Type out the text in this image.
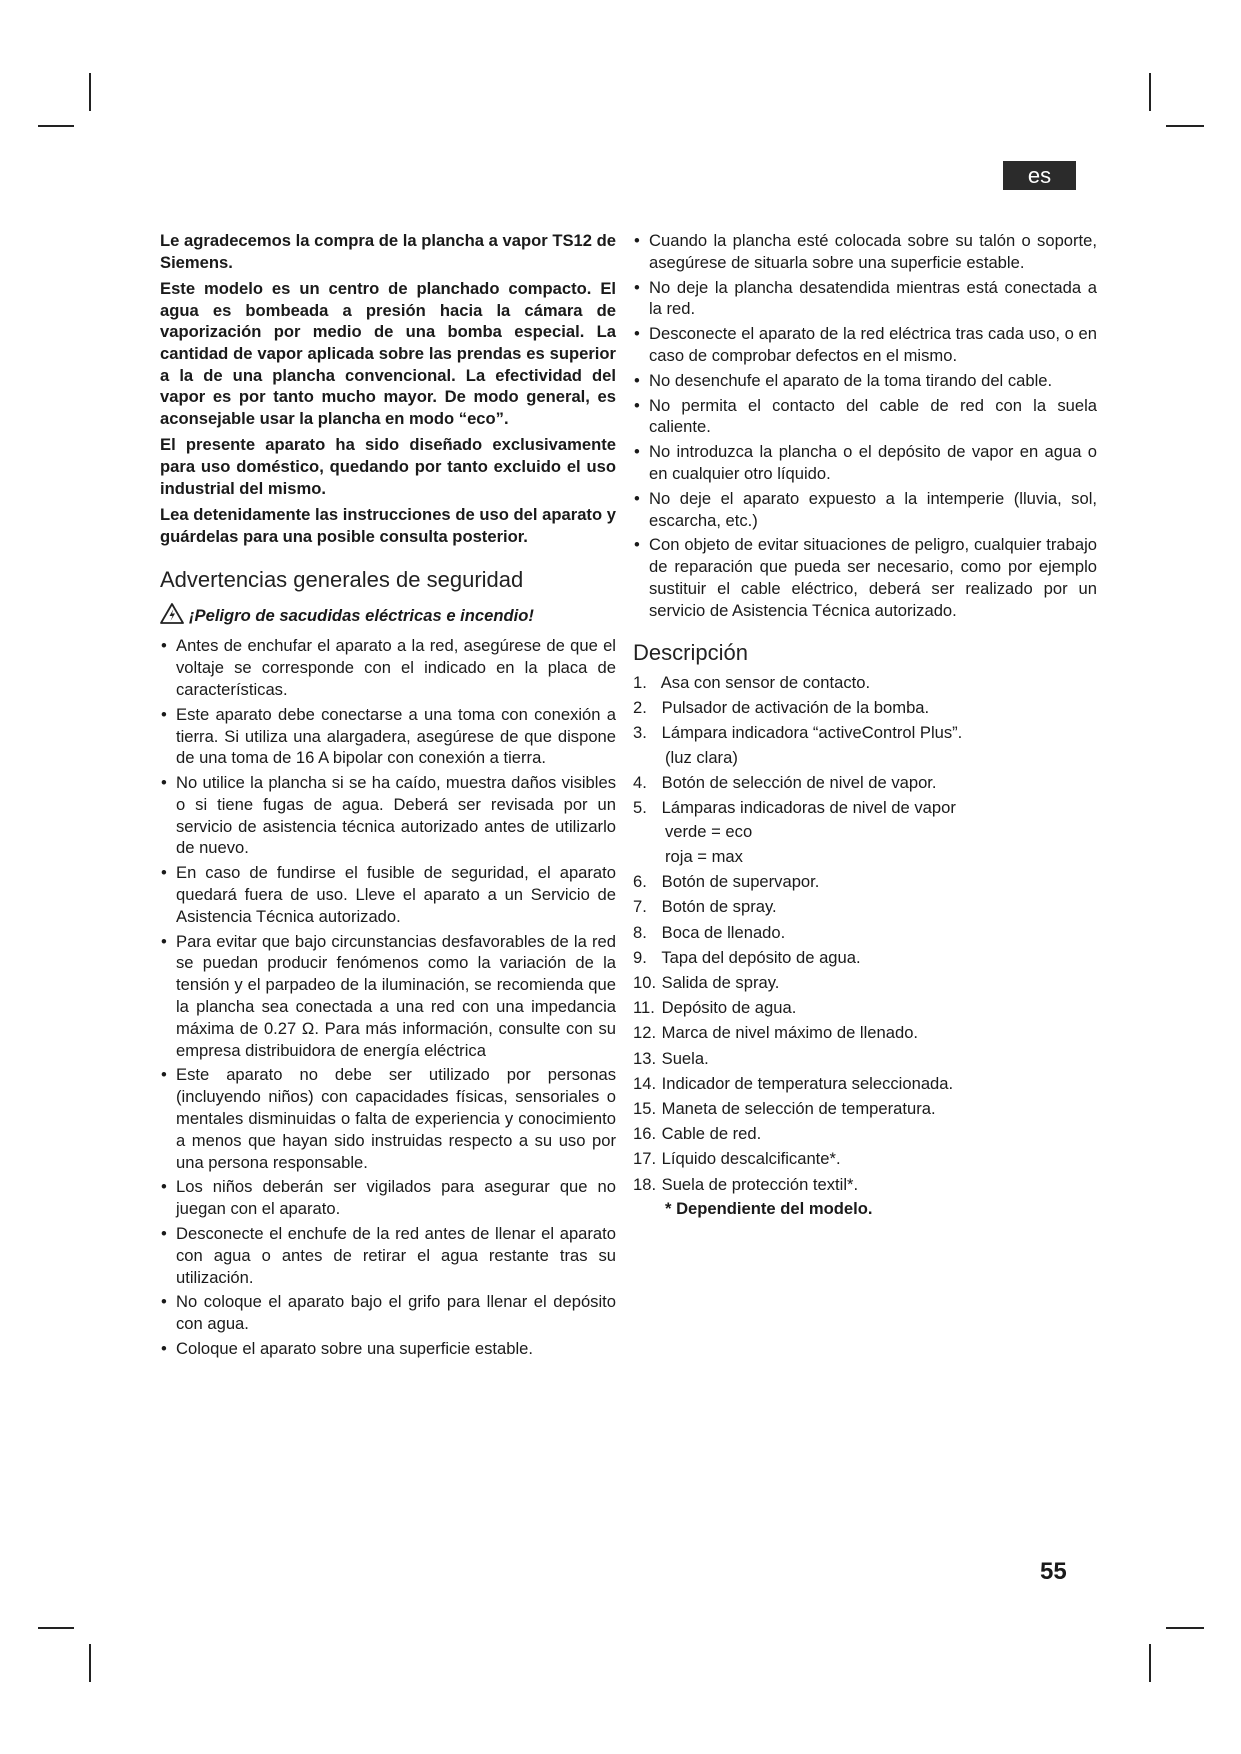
es

Le agradecemos la compra de la plancha a vapor TS12 de Siemens.

Este modelo es un centro de planchado compacto. El agua es bombeada a presión hacia la cámara de vaporización por medio de una bomba especial. La cantidad de vapor aplicada sobre las prendas es superior a la de una plancha convencional. La efectividad del vapor es por tanto mucho mayor. De modo general, es aconsejable usar la plancha en modo “eco”.

El presente aparato ha sido diseñado exclusivamente para uso doméstico, quedando por tanto excluido el uso industrial del mismo.

Lea detenidamente las instrucciones de uso del aparato y guárdelas para una posible consulta posterior.

Advertencias generales de seguridad
¡Peligro de sacudidas eléctricas e incendio!
• Antes de enchufar el aparato a la red, asegúrese de que el voltaje se corresponde con el indicado en la placa de características.
• Este aparato debe conectarse a una toma con conexión a tierra. Si utiliza una alargadera, asegúrese de que dispone de una toma de 16 A bipolar con conexión a tierra.
• No utilice la plancha si se ha caído, muestra daños visibles o si tiene fugas de agua. Deberá ser revisada por un servicio de asistencia técnica autorizado antes de utilizarlo de nuevo.
• En caso de fundirse el fusible de seguridad, el aparato quedará fuera de uso. Lleve el aparato a un Servicio de Asistencia Técnica autorizado.
• Para evitar que bajo circunstancias desfavorables de la red se puedan producir fenómenos como la variación de la tensión y el parpadeo de la iluminación, se recomienda que la plancha sea conectada a una red con una impedancia máxima de 0.27 Ω. Para más información, consulte con su empresa distribuidora de energía eléctrica
• Este aparato no debe ser utilizado por personas (incluyendo niños) con capacidades físicas, sensoriales o mentales disminuidas o falta de experiencia y conocimiento a menos que hayan sido instruidas respecto a su uso por una persona responsable.
• Los niños deberán ser vigilados para asegurar que no juegan con el aparato.
• Desconecte el enchufe de la red antes de llenar el aparato con agua o antes de retirar el agua restante tras su utilización.
• No coloque el aparato bajo el grifo para llenar el depósito con agua.
• Coloque el aparato sobre una superficie estable.
• Cuando la plancha esté colocada sobre su talón o soporte, asegúrese de situarla sobre una superficie estable.
• No deje la plancha desatendida mientras está conectada a la red.
• Desconecte el aparato de la red eléctrica tras cada uso, o en caso de comprobar defectos en el mismo.
• No desenchufe el aparato de la toma tirando del cable.
• No permita el contacto del cable de red con la suela caliente.
• No introduzca la plancha o el depósito de vapor en agua o en cualquier otro líquido.
• No deje el aparato expuesto a la intemperie (lluvia, sol, escarcha, etc.)
• Con objeto de evitar situaciones de peligro, cualquier trabajo de reparación que pueda ser necesario, como por ejemplo sustituir el cable eléctrico, deberá ser realizado por un servicio de Asistencia Técnica autorizado.
Descripción
1. Asa con sensor de contacto.
2. Pulsador de activación de la bomba.
3. Lámpara indicadora “activeControl Plus”.
(luz clara)
4. Botón de selección de nivel de vapor.
5. Lámparas indicadoras de nivel de vapor
verde = eco
roja = max
6. Botón de supervapor.
7. Botón de spray.
8. Boca de llenado.
9. Tapa del depósito de agua.
10. Salida de spray.
11. Depósito de agua.
12. Marca de nivel máximo de llenado.
13. Suela.
14. Indicador de temperatura seleccionada.
15. Maneta de selección de temperatura.
16. Cable de red.
17. Líquido descalcificante*.
18. Suela de protección textil*.
* Dependiente del modelo.
55
